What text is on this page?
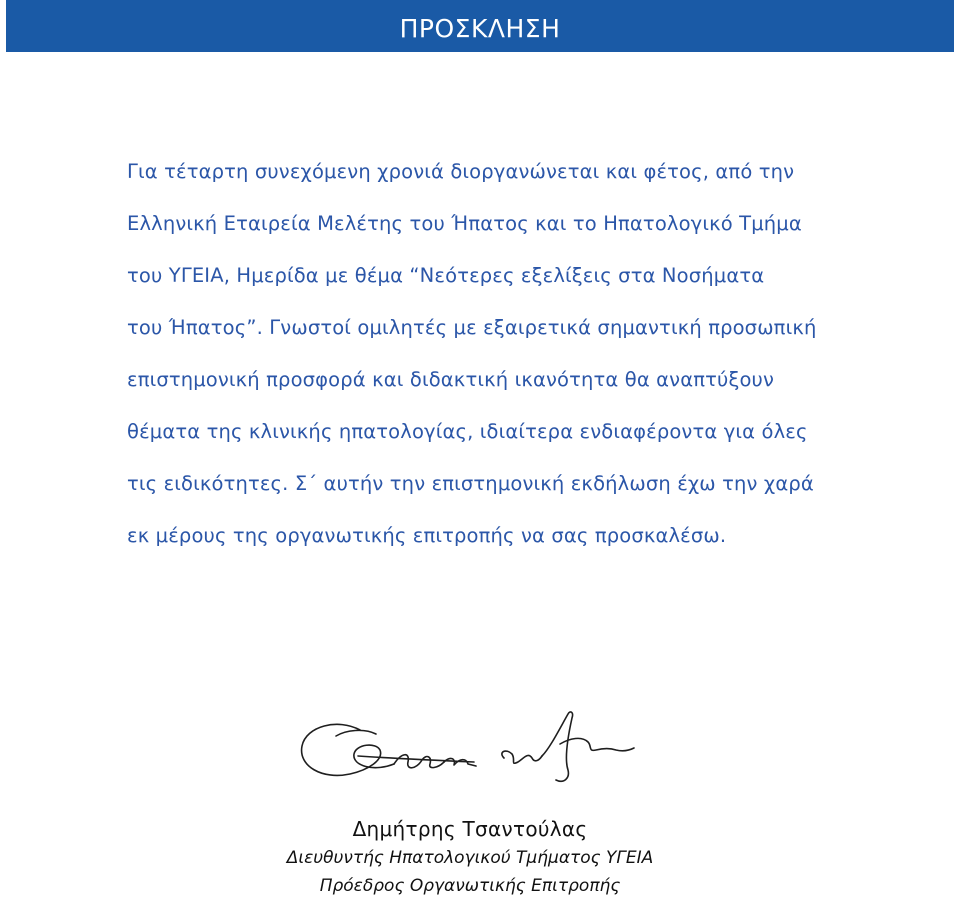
ΠΡΟΣΚΛΗΣΗ
Για τέταρτη συνεχόμενη χρονιά διοργανώνεται και φέτος, από την
Ελληνική Εταιρεία Μελέτης του Ήπατος και το Ηπατολογικό Τμήμα
του ΥΓΕΙΑ, Ημερίδα με θέμα “Νεότερες εξελίξεις στα Νοσήματα
του Ήπατος”. Γνωστοί ομιλητές με εξαιρετικά σημαντική προσωπική
επιστημονική προσφορά και διδακτική ικανότητα θα αναπτύξουν
θέματα της κλινικής ηπατολογίας, ιδιαίτερα ενδιαφέροντα για όλες
τις ειδικότητες. Σ΄ αυτήν την επιστημονική εκδήλωση έχω την χαρά
εκ μέρους της οργανωτικής επιτροπής να σας προσκαλέσω.
Δημήτρης Τσαντούλας
Διευθυντής Ηπατολογικού Τμήματος ΥΓΕΙΑ
Πρόεδρος Οργανωτικής Επιτροπής
